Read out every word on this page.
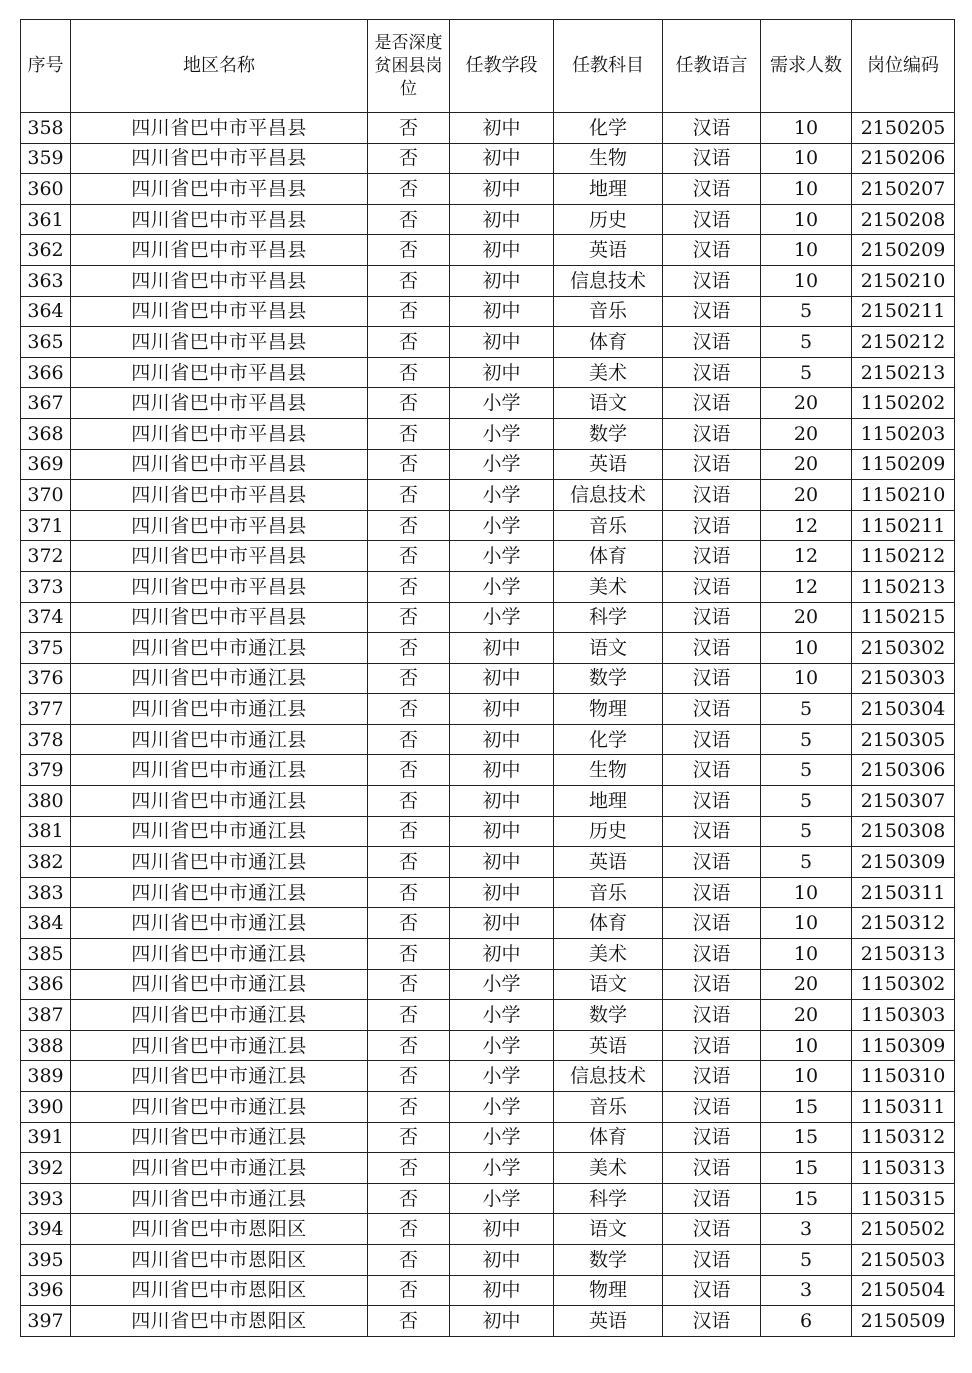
序号	地区名称	是否深度贫困县岗位	任教学段	任教科目	任教语言	需求人数	岗位编码
358	四川省巴中市平昌县	否	初中	化学	汉语	10	2150205
359	四川省巴中市平昌县	否	初中	生物	汉语	10	2150206
360	四川省巴中市平昌县	否	初中	地理	汉语	10	2150207
361	四川省巴中市平昌县	否	初中	历史	汉语	10	2150208
362	四川省巴中市平昌县	否	初中	英语	汉语	10	2150209
363	四川省巴中市平昌县	否	初中	信息技术	汉语	10	2150210
364	四川省巴中市平昌县	否	初中	音乐	汉语	5	2150211
365	四川省巴中市平昌县	否	初中	体育	汉语	5	2150212
366	四川省巴中市平昌县	否	初中	美术	汉语	5	2150213
367	四川省巴中市平昌县	否	小学	语文	汉语	20	1150202
368	四川省巴中市平昌县	否	小学	数学	汉语	20	1150203
369	四川省巴中市平昌县	否	小学	英语	汉语	20	1150209
370	四川省巴中市平昌县	否	小学	信息技术	汉语	20	1150210
371	四川省巴中市平昌县	否	小学	音乐	汉语	12	1150211
372	四川省巴中市平昌县	否	小学	体育	汉语	12	1150212
373	四川省巴中市平昌县	否	小学	美术	汉语	12	1150213
374	四川省巴中市平昌县	否	小学	科学	汉语	20	1150215
375	四川省巴中市通江县	否	初中	语文	汉语	10	2150302
376	四川省巴中市通江县	否	初中	数学	汉语	10	2150303
377	四川省巴中市通江县	否	初中	物理	汉语	5	2150304
378	四川省巴中市通江县	否	初中	化学	汉语	5	2150305
379	四川省巴中市通江县	否	初中	生物	汉语	5	2150306
380	四川省巴中市通江县	否	初中	地理	汉语	5	2150307
381	四川省巴中市通江县	否	初中	历史	汉语	5	2150308
382	四川省巴中市通江县	否	初中	英语	汉语	5	2150309
383	四川省巴中市通江县	否	初中	音乐	汉语	10	2150311
384	四川省巴中市通江县	否	初中	体育	汉语	10	2150312
385	四川省巴中市通江县	否	初中	美术	汉语	10	2150313
386	四川省巴中市通江县	否	小学	语文	汉语	20	1150302
387	四川省巴中市通江县	否	小学	数学	汉语	20	1150303
388	四川省巴中市通江县	否	小学	英语	汉语	10	1150309
389	四川省巴中市通江县	否	小学	信息技术	汉语	10	1150310
390	四川省巴中市通江县	否	小学	音乐	汉语	15	1150311
391	四川省巴中市通江县	否	小学	体育	汉语	15	1150312
392	四川省巴中市通江县	否	小学	美术	汉语	15	1150313
393	四川省巴中市通江县	否	小学	科学	汉语	15	1150315
394	四川省巴中市恩阳区	否	初中	语文	汉语	3	2150502
395	四川省巴中市恩阳区	否	初中	数学	汉语	5	2150503
396	四川省巴中市恩阳区	否	初中	物理	汉语	3	2150504
397	四川省巴中市恩阳区	否	初中	英语	汉语	6	2150509
